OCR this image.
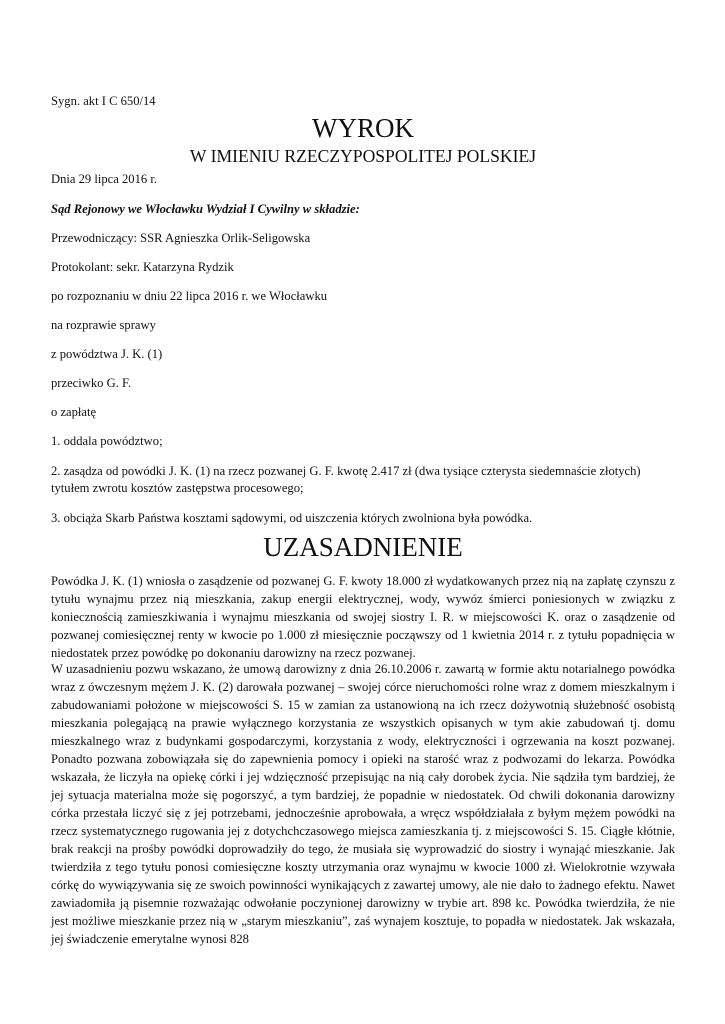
Sygn. akt I C 650/14
WYROK
W IMIENIU RZECZYPOSPOLITEJ POLSKIEJ
Dnia 29 lipca 2016 r.
Sąd Rejonowy we Włocławku Wydział I Cywilny w składzie:
Przewodniczący: SSR Agnieszka Orlik-Seligowska
Protokolant: sekr. Katarzyna Rydzik
po rozpoznaniu w dniu 22 lipca 2016 r. we Włocławku
na rozprawie sprawy
z powództwa J. K. (1)
przeciwko G. F.
o zapłatę
1. oddala powództwo;
2. zasądza od powódki J. K. (1) na rzecz pozwanej G. F. kwotę 2.417 zł (dwa tysiące czterysta siedemnaście złotych)
tytułem zwrotu kosztów zastępstwa procesowego;
3. obciąża Skarb Państwa kosztami sądowymi, od uiszczenia których zwolniona była powódka.
UZASADNIENIE
Powódka J. K. (1) wniosła o zasądzenie od pozwanej G. F. kwoty 18.000 zł wydatkowanych przez nią na zapłatę czynszu z tytułu wynajmu przez nią mieszkania, zakup energii elektrycznej, wody, wywóz śmierci poniesionych w związku z koniecznością zamieszkiwania i wynajmu mieszkania od swojej siostry I. R. w miejscowości K. oraz o zasądzenie od pozwanej comiesięcznej renty w kwocie po 1.000 zł miesięcznie począwszy od 1 kwietnia 2014 r. z tytułu popadnięcia w niedostatek przez powódkę po dokonaniu darowizny na rzecz pozwanej.
W uzasadnieniu pozwu wskazano, że umową darowizny z dnia 26.10.2006 r. zawartą w formie aktu notarialnego powódka wraz z ówczesnym mężem J. K. (2) darowała pozwanej – swojej córce nieruchomości rolne wraz z domem mieszkalnym i zabudowaniami położone w miejscowości S. 15 w zamian za ustanowioną na ich rzecz dożywotnią służebność osobistą mieszkania polegającą na prawie wyłącznego korzystania ze wszystkich opisanych w tym akie zabudowań tj. domu mieszkalnego wraz z budynkami gospodarczymi, korzystania z wody, elektryczności i ogrzewania na koszt pozwanej. Ponadto pozwana zobowiązała się do zapewnienia pomocy i opieki na starość wraz z podwozami do lekarza. Powódka wskazała, że liczyła na opiekę córki i jej wdzięczność przepisując na nią cały dorobek życia. Nie sądziła tym bardziej, że jej sytuacja materialna może się pogorszyć, a tym bardziej, że popadnie w niedostatek. Od chwili dokonania darowizny córka przestała liczyć się z jej potrzebami, jednocześnie aprobowała, a wręcz współdziałała z byłym mężem powódki na rzecz systematycznego rugowania jej z dotychchczasowego miejsca zamieszkania tj. z miejscowości S. 15. Ciągłe kłótnie, brak reakcji na prośby powódki doprowadziły do tego, że musiała się wyprowadzić do siostry i wynająć mieszkanie. Jak twierdziła z tego tytułu ponosi comiesięczne koszty utrzymania oraz wynajmu w kwocie 1000 zł. Wielokrotnie wzywała córkę do wywiązywania się ze swoich powinności wynikających z zawartej umowy, ale nie dało to żadnego efektu. Nawet zawiadomiła ją pisemnie rozważając odwołanie poczynionej darowizny w trybie art. 898 kc. Powódka twierdziła, że nie jest możliwe mieszkanie przez nią w „starym mieszkaniu”, zaś wynajem kosztuje, to popadła w niedostatek. Jak wskazała, jej świadczenie emerytalne wynosi 828
